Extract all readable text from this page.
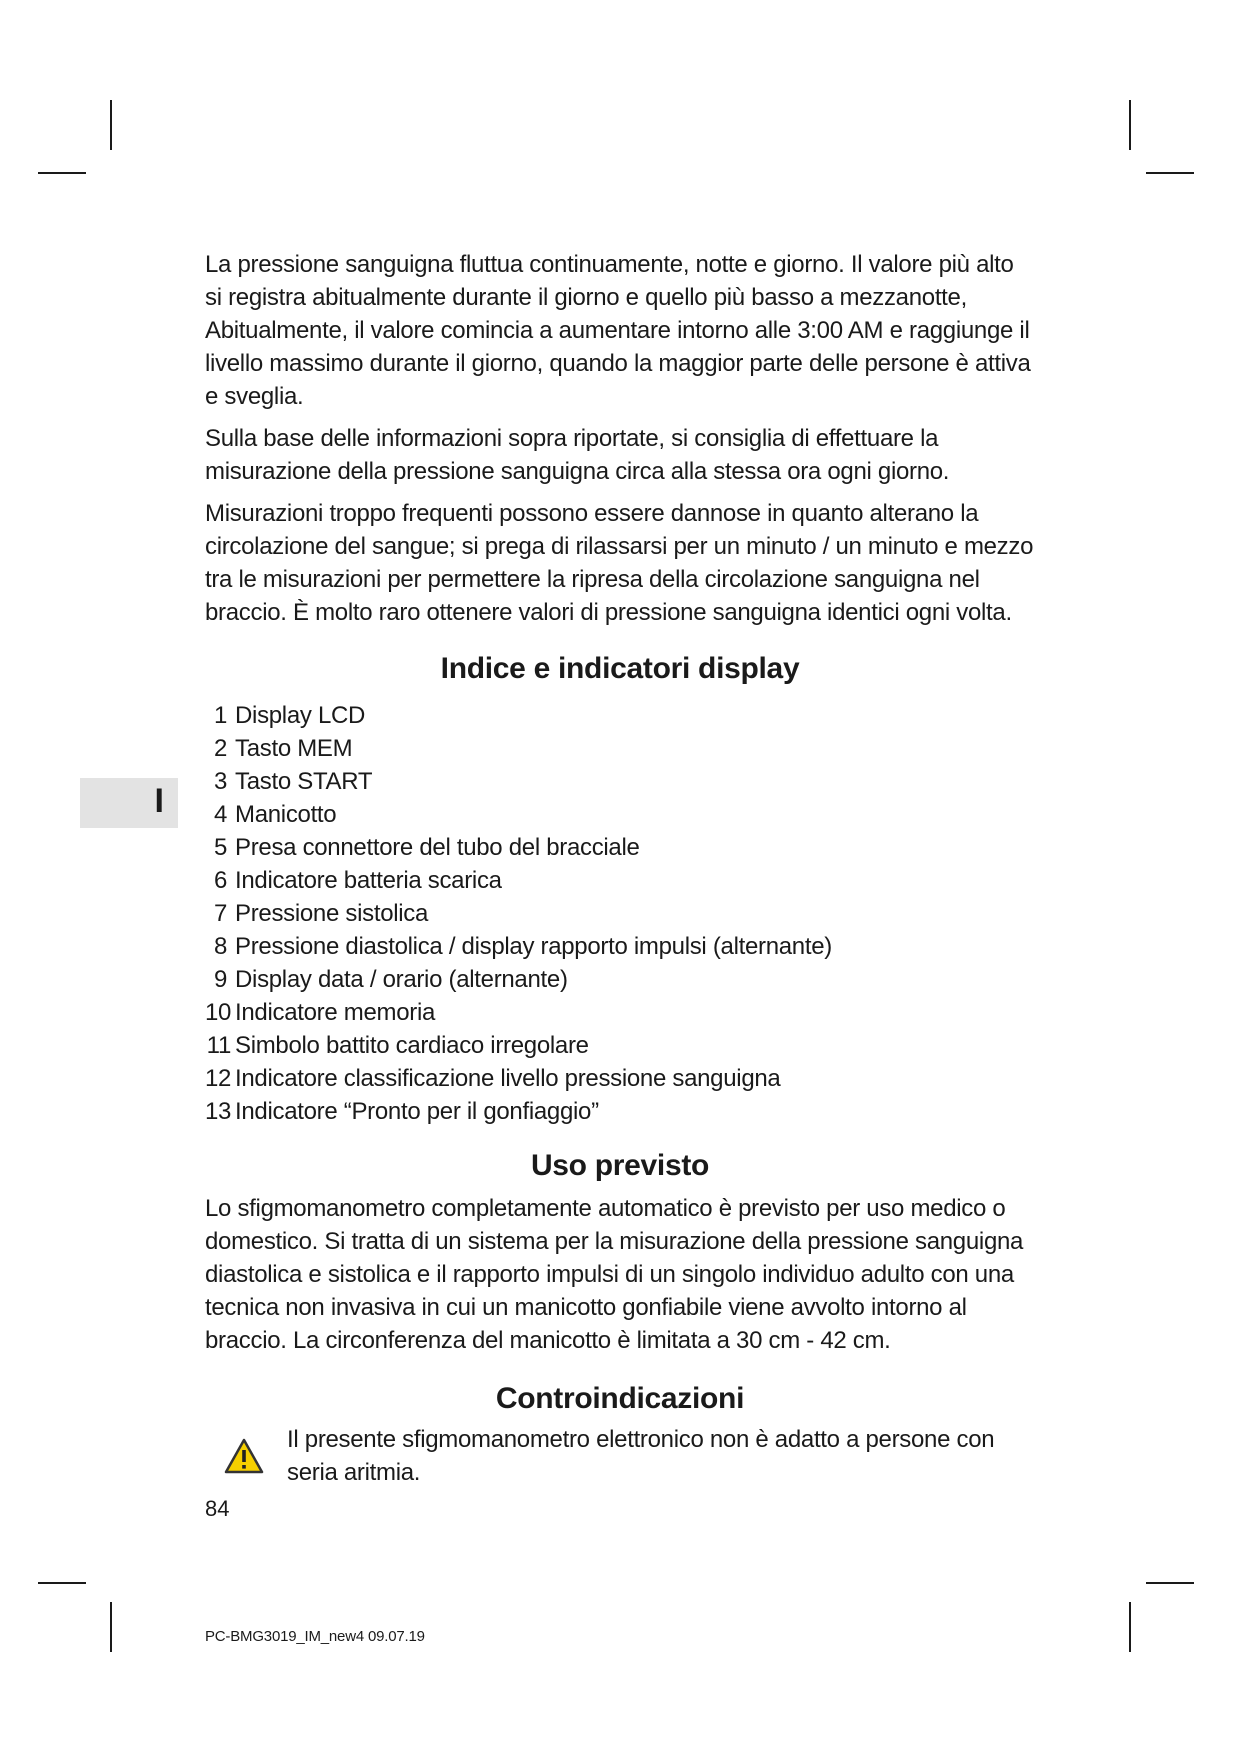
I

La pressione sanguigna fluttua continuamente, notte e giorno. Il valore più alto si registra abitualmente durante il giorno e quello più basso a mezzanotte, Abitualmente, il valore comincia a aumentare intorno alle 3:00 AM e raggiunge il livello massimo durante il giorno, quando la maggior parte delle persone è attiva e sveglia.

Sulla base delle informazioni sopra riportate, si consiglia di effettuare la misurazione della pressione sanguigna circa alla stessa ora ogni giorno.

Misurazioni troppo frequenti possono essere dannose in quanto alterano la circolazione del sangue; si prega di rilassarsi per un minuto / un minuto e mezzo tra le misurazioni per permettere la ripresa della circolazione sanguigna nel braccio. È molto raro ottenere valori di pressione sanguigna identici ogni volta.

Indice e indicatori display
1 Display LCD
2 Tasto MEM
3 Tasto START
4 Manicotto
5 Presa connettore del tubo del bracciale
6 Indicatore batteria scarica
7 Pressione sistolica
8 Pressione diastolica / display rapporto impulsi (alternante)
9 Display data / orario (alternante)
10 Indicatore memoria
11 Simbolo battito cardiaco irregolare
12 Indicatore classificazione livello pressione sanguigna
13 Indicatore “Pronto per il gonfiaggio”
Uso previsto

Lo sfigmomanometro completamente automatico è previsto per uso medico o domestico. Si tratta di un sistema per la misurazione della pressione sanguigna diastolica e sistolica e il rapporto impulsi di un singolo individuo adulto con una tecnica non invasiva in cui un manicotto gonfiabile viene avvolto intorno al braccio. La circonferenza del manicotto è limitata a 30 cm - 42 cm.

Controindicazioni

Il presente sfigmomanometro elettronico non è adatto a persone con seria aritmia.

84
PC-BMG3019_IM_new4 09.07.19
